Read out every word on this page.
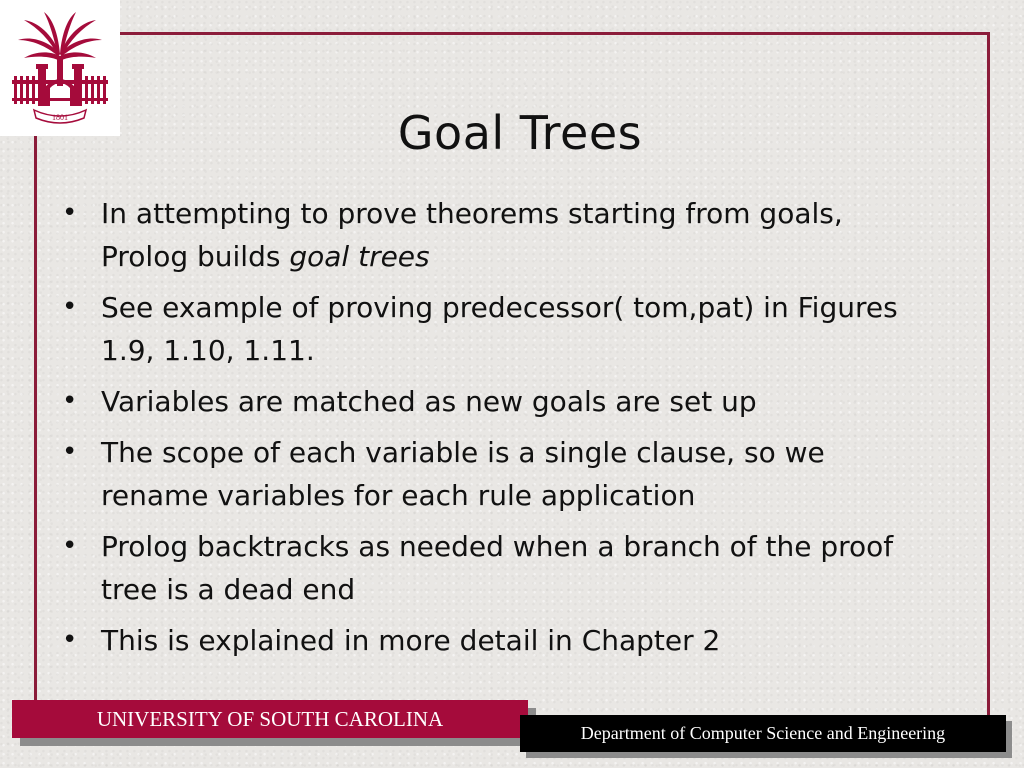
1801	Goal Trees
• In attempting to prove theorems starting from goals, Prolog builds goal trees
• See example of proving predecessor( tom,pat) in Figures 1.9, 1.10, 1.11.
• Variables are matched as new goals are set up
• The scope of each variable is a single clause, so we rename variables for each rule application
• Prolog backtracks as needed when a branch of the proof tree is a dead end
• This is explained in more detail in Chapter 2
UNIVERSITY OF SOUTH CAROLINA
Department of Computer Science and Engineering
